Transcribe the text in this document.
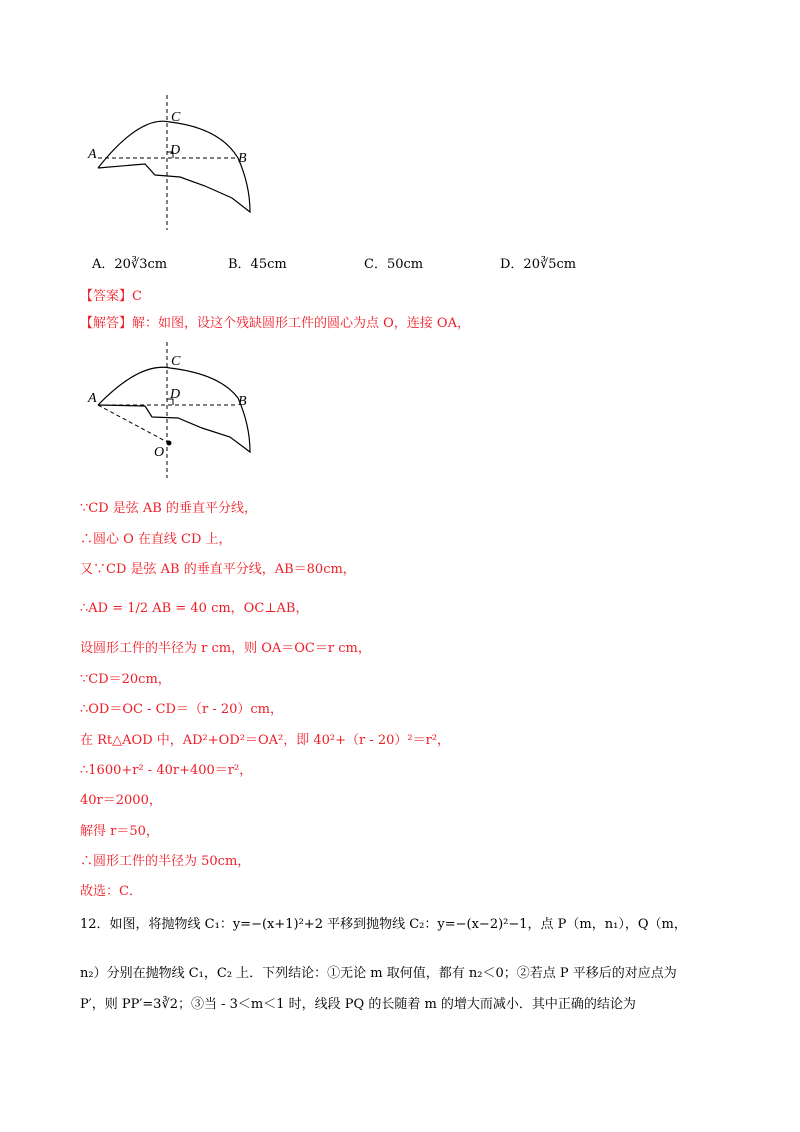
A	B
C
D
A．20∛3cm	B．45cm	C．50cm	D．20∛5cm
【答案】C
【解答】解：如图，设这个残缺圆形工件的圆心为点 O，连接 OA，
A	B
C
D
O
∵CD 是弦 AB 的垂直平分线，
∴圆心 O 在直线 CD 上，
又∵CD 是弦 AB 的垂直平分线，AB＝80cm，
∴AD = 1/2 AB = 40 cm，OC⊥AB，
设圆形工件的半径为 r cm，则 OA＝OC＝r cm，
∵CD＝20cm，
∴OD＝OC - CD＝（r - 20）cm，
在 Rt△AOD 中，AD²+OD²＝OA²，即 40²+（r - 20）²＝r²，
∴1600+r² - 40r+400＝r²，
40r＝2000，
解得 r＝50，
∴圆形工件的半径为 50cm，
故选：C．
12．如图，将抛物线 C₁：y=−(x+1)²+2 平移到抛物线 C₂：y=−(x−2)²−1，点 P（m，n₁），Q（m，
n₂）分别在抛物线 C₁，C₂ 上．下列结论：①无论 m 取何值，都有 n₂＜0；②若点 P 平移后的对应点为
P′，则 PP′=3∛2；③当 - 3＜m＜1 时，线段 PQ 的长随着 m 的增大而减小．其中正确的结论为
